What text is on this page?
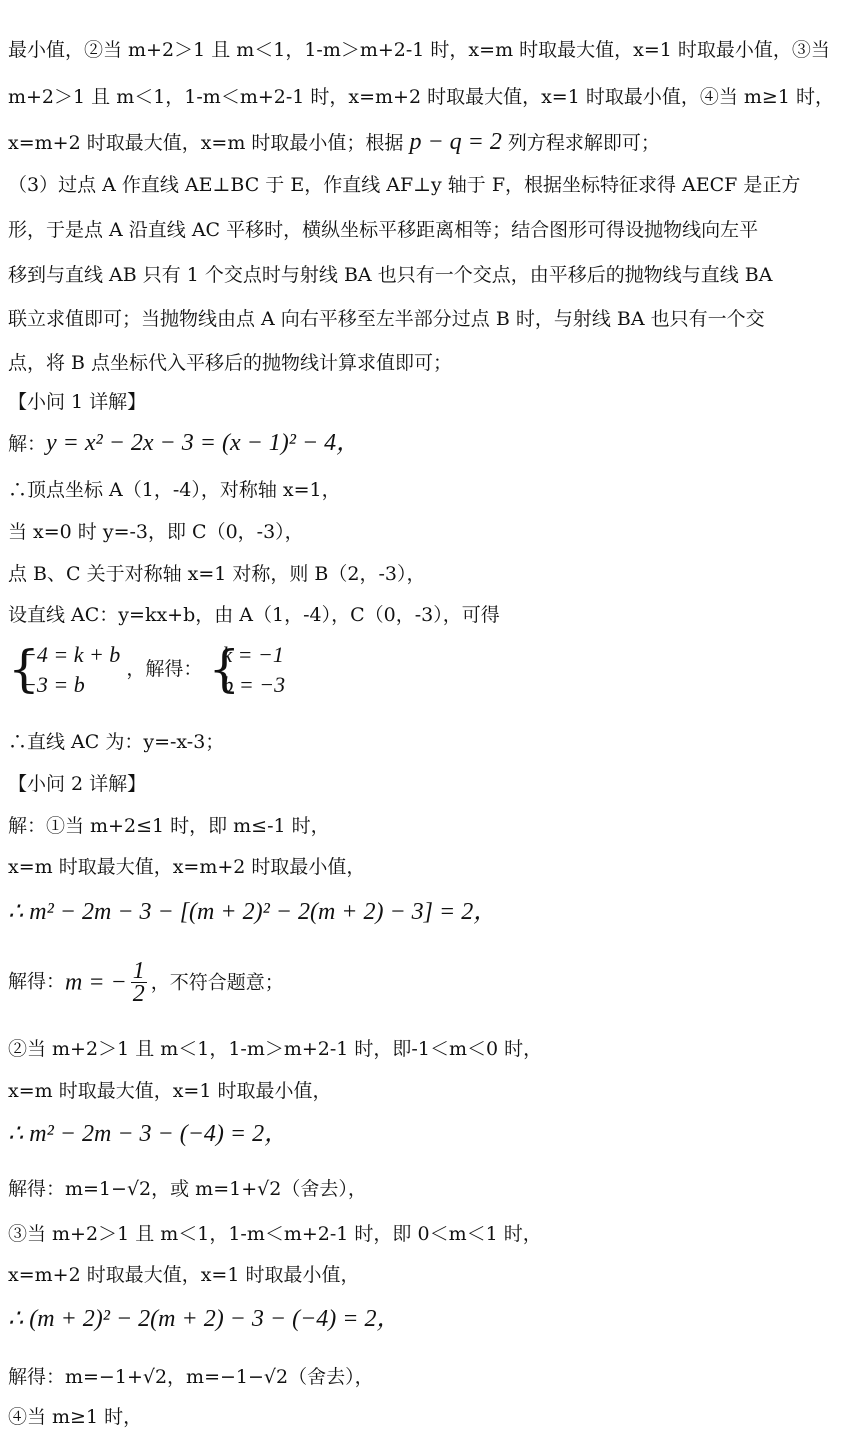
最小值，②当 m+2＞1 且 m＜1，1-m＞m+2-1 时，x=m 时取最大值，x=1 时取最小值，③当
m+2＞1 且 m＜1，1-m＜m+2-1 时，x=m+2 时取最大值，x=1 时取最小值，④当 m≥1 时，
x=m+2 时取最大值，x=m 时取最小值；根据 p − q = 2 列方程求解即可；
（3）过点 A 作直线 AE⊥BC 于 E，作直线 AF⊥y 轴于 F，根据坐标特征求得 AECF 是正方
形，于是点 A 沿直线 AC 平移时，横纵坐标平移距离相等；结合图形可得设抛物线向左平
移到与直线 AB 只有 1 个交点时与射线 BA 也只有一个交点，由平移后的抛物线与直线 BA
联立求值即可；当抛物线由点 A 向右平移至左半部分过点 B 时，与射线 BA 也只有一个交
点，将 B 点坐标代入平移后的抛物线计算求值即可；
【小问 1 详解】
解：y = x² − 2x − 3 = (x − 1)² − 4，
∴顶点坐标 A（1，-4），对称轴 x=1，
当 x=0 时 y=-3，即 C（0，-3），
点 B、C 关于对称轴 x=1 对称，则 B（2，-3），
设直线 AC：y=kx+b，由 A（1，-4），C（0，-3），可得
{
−4 = k + b
−3 = b
，解得： {
k = −1
b = −3
∴直线 AC 为：y=-x-3；
【小问 2 详解】
解：①当 m+2≤1 时，即 m≤-1 时，
x=m 时取最大值，x=m+2 时取最小值，
∴ m² − 2m − 3 − [(m + 2)² − 2(m + 2) − 3] = 2，
解得：m = − $\frac{1}{2}$ ，不符合题意；
②当 m+2＞1 且 m＜1，1-m＞m+2-1 时，即-1＜m＜0 时，
x=m 时取最大值，x=1 时取最小值，
∴ m² − 2m − 3 − (−4) = 2，
解得：m=1−√2，或 m=1+√2（舍去），
③当 m+2＞1 且 m＜1，1-m＜m+2-1 时，即 0＜m＜1 时，
x=m+2 时取最大值，x=1 时取最小值，
∴ (m + 2)² − 2(m + 2) − 3 − (−4) = 2，
解得：m=−1+√2，m=−1−√2（舍去），
④当 m≥1 时，
